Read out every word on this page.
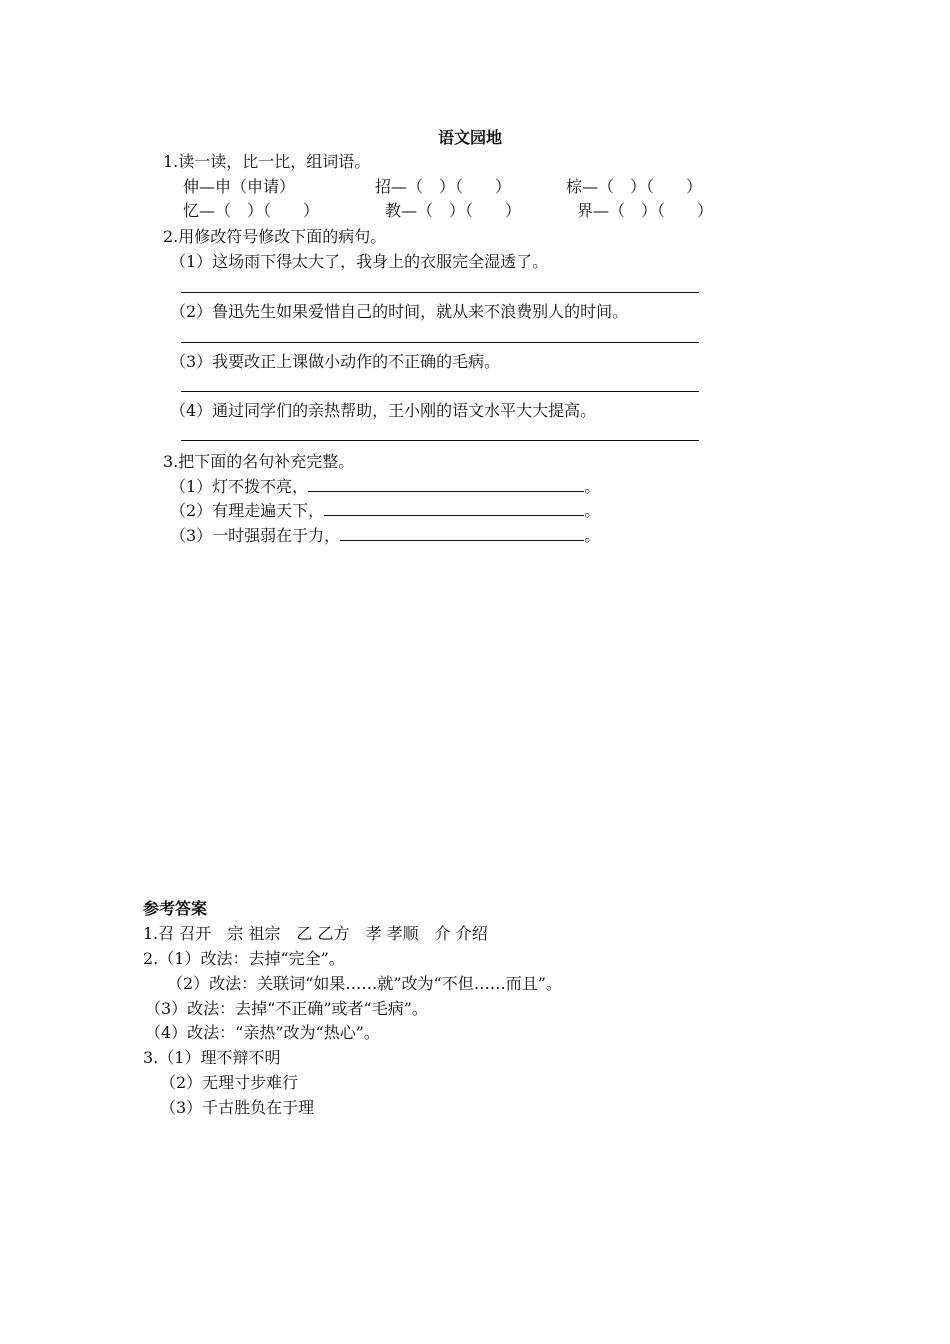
语文园地
1.读一读，比一比，组词语。
伸—申（申请）	招—（　）（　　）	棕—（　）（　　）
忆—（　）（　　）	教—（　）（　　）	界—（　）（　　）
2.用修改符号修改下面的病句。
（1）这场雨下得太大了，我身上的衣服完全湿透了。
（2）鲁迅先生如果爱惜自己的时间，就从来不浪费别人的时间。
（3）我要改正上课做小动作的不正确的毛病。
（4）通过同学们的亲热帮助，王小刚的语文水平大大提高。
3.把下面的名句补充完整。
（1）灯不拨不亮，	。
（2）有理走遍天下，	。
（3）一时强弱在于力，	。
参考答案
1.召 召开　宗 祖宗　乙 乙方　孝 孝顺　介 介绍
2.（1）改法：去掉“完全”。
（2）改法：关联词“如果……就”改为“不但……而且”。
（3）改法：去掉“不正确”或者“毛病”。
（4）改法：“亲热”改为“热心”。
3.（1）理不辩不明
（2）无理寸步难行
（3）千古胜负在于理
